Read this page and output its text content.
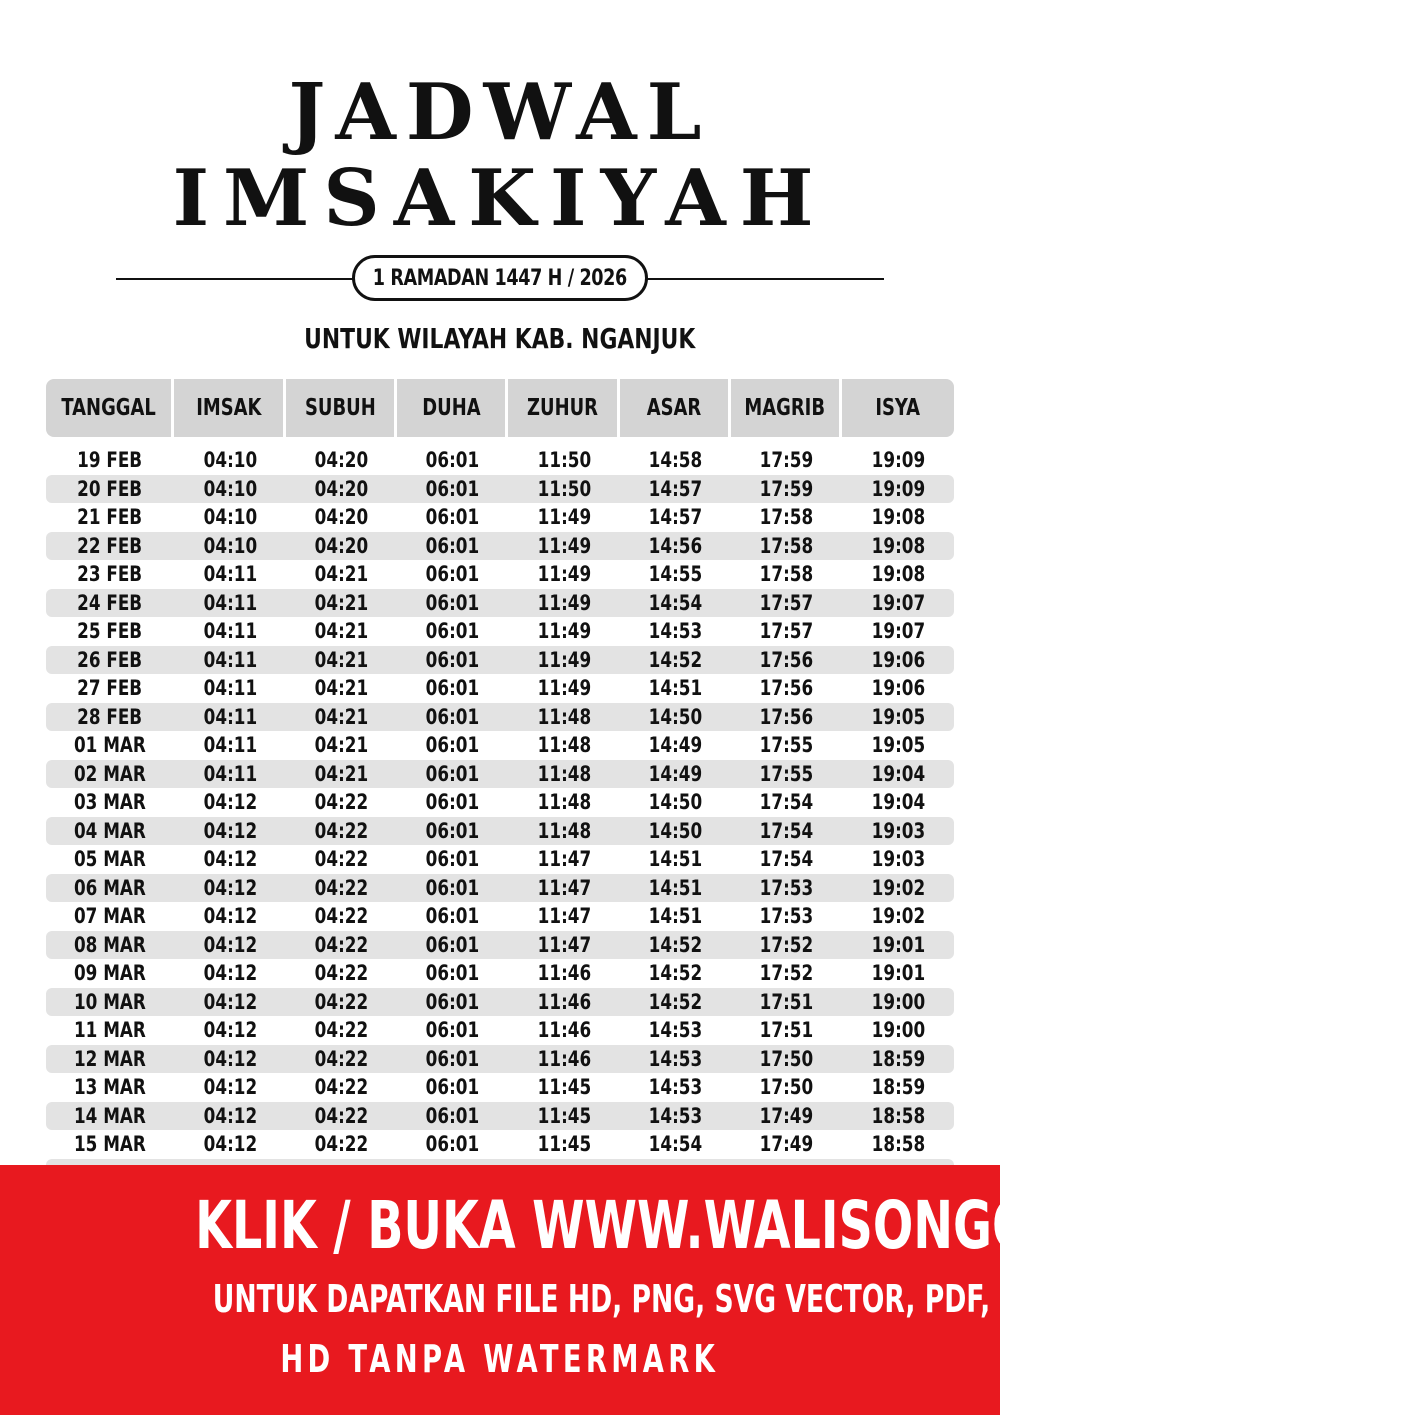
JADWAL
IMSAKIYAH
1 RAMADAN 1447 H / 2026
UNTUK WILAYAH KAB. NGANJUK
TANGGAL IMSAK SUBUH DUHA ZUHUR ASAR MAGRIB ISYA
19 FEB	04:10	04:20	06:01	11:50	14:58	17:59	19:09
20 FEB	04:10	04:20	06:01	11:50	14:57	17:59	19:09
21 FEB	04:10	04:20	06:01	11:49	14:57	17:58	19:08
22 FEB	04:10	04:20	06:01	11:49	14:56	17:58	19:08
23 FEB	04:11	04:21	06:01	11:49	14:55	17:58	19:08
24 FEB	04:11	04:21	06:01	11:49	14:54	17:57	19:07
25 FEB	04:11	04:21	06:01	11:49	14:53	17:57	19:07
26 FEB	04:11	04:21	06:01	11:49	14:52	17:56	19:06
27 FEB	04:11	04:21	06:01	11:49	14:51	17:56	19:06
28 FEB	04:11	04:21	06:01	11:48	14:50	17:56	19:05
01 MAR	04:11	04:21	06:01	11:48	14:49	17:55	19:05
02 MAR	04:11	04:21	06:01	11:48	14:49	17:55	19:04
03 MAR	04:12	04:22	06:01	11:48	14:50	17:54	19:04
04 MAR	04:12	04:22	06:01	11:48	14:50	17:54	19:03
05 MAR	04:12	04:22	06:01	11:47	14:51	17:54	19:03
06 MAR	04:12	04:22	06:01	11:47	14:51	17:53	19:02
07 MAR	04:12	04:22	06:01	11:47	14:51	17:53	19:02
08 MAR	04:12	04:22	06:01	11:47	14:52	17:52	19:01
09 MAR	04:12	04:22	06:01	11:46	14:52	17:52	19:01
10 MAR	04:12	04:22	06:01	11:46	14:52	17:51	19:00
11 MAR	04:12	04:22	06:01	11:46	14:53	17:51	19:00
12 MAR	04:12	04:22	06:01	11:46	14:53	17:50	18:59
13 MAR	04:12	04:22	06:01	11:45	14:53	17:50	18:59
14 MAR	04:12	04:22	06:01	11:45	14:53	17:49	18:58
15 MAR	04:12	04:22	06:01	11:45	14:54	17:49	18:58
KLIK / BUKA WWW.WALISONGO.CO.ID
UNTUK DAPATKAN FILE HD, PNG, SVG VECTOR, PDF, WORD, EXCEL
HD TANPA WATERMARK
